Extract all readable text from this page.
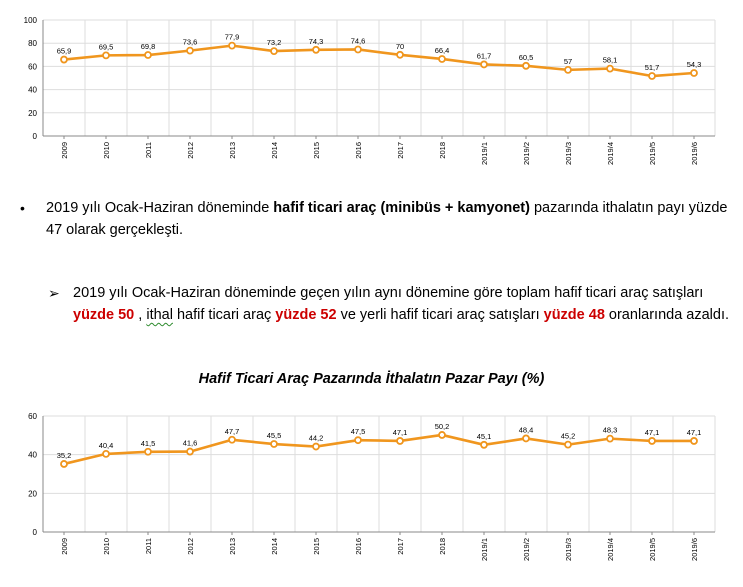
0
20
40
60
80
100
2009	2010	2011	2012	2013	2014	2015	2016	2017	2018	2019/1	2019/2	2019/3	2019/4	2019/5	2019/6
65,9	69,5	69,8	73,6
77,9
73,2	74,3	74,6
70	66,4
61,7	60,5	57	58,1
51,7	54,3
• 2019 yılı Ocak-Haziran döneminde hafif ticari araç (minibüs + kamyonet) pazarında ithalatın payı yüzde 47 olarak gerçekleşti.
➢ 2019 yılı Ocak-Haziran döneminde geçen yılın aynı dönemine göre toplam hafif ticari araç satışları yüzde 50 , ithal hafif ticari araç yüzde 52 ve yerli hafif ticari araç satışları yüzde 48 oranlarında azaldı.

Hafif Ticari Araç Pazarında İthalatın Pazar Payı (%)

0
20
40
60
2009	2010	2011	2012	2013	2014	2015	2016	2017	2018	2019/1	2019/2	2019/3	2019/4	2019/5	2019/6
35,2
40,4	41,5	41,6
47,7	45,5	44,2
47,5	47,1
50,2
45,1
48,4
45,2
48,3	47,1	47,1
